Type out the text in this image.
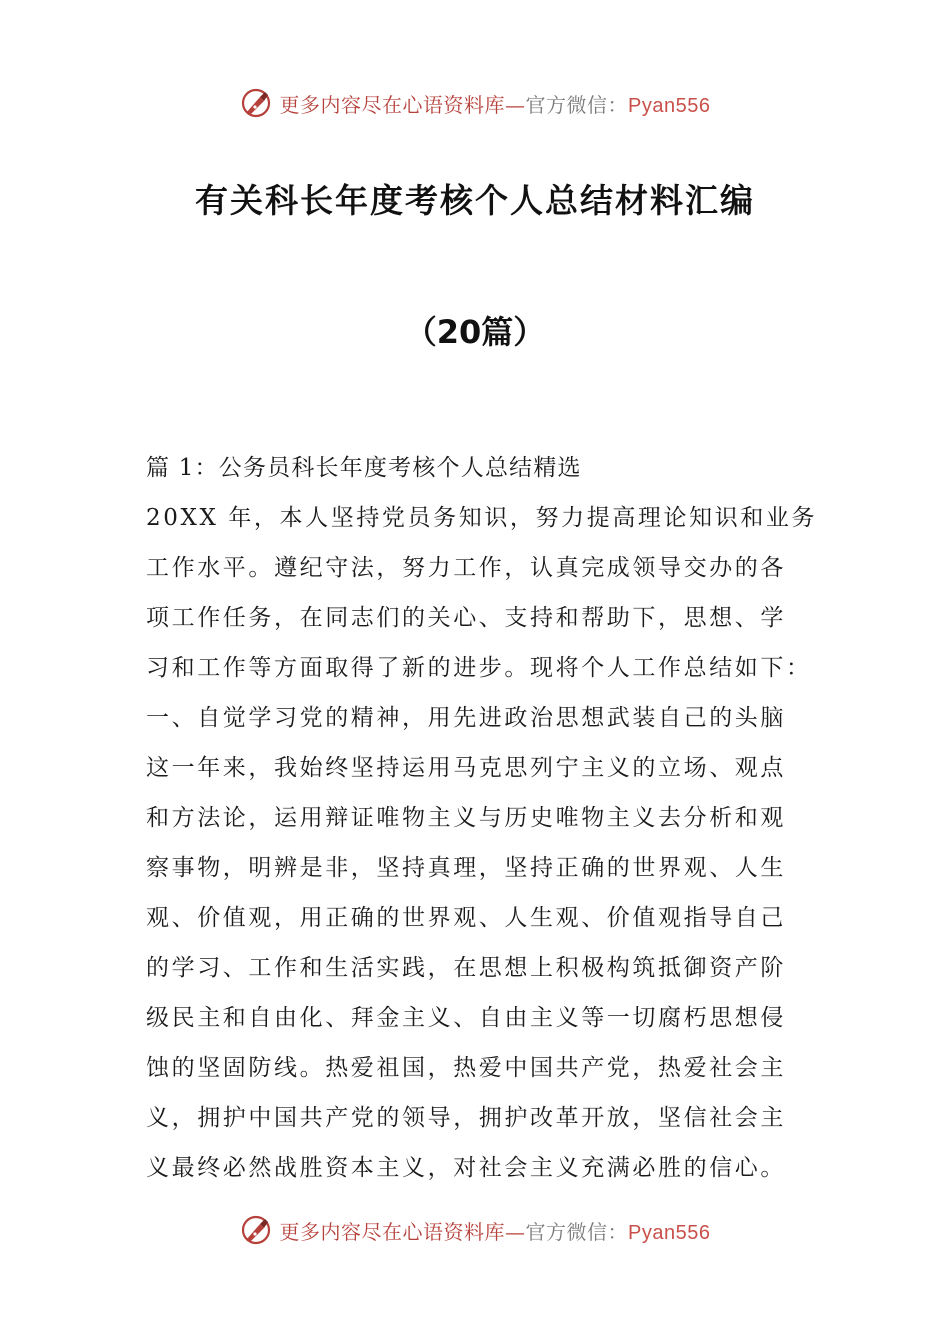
更多内容尽在心语资料库—官方微信：Pyan556
有关科长年度考核个人总结材料汇编
（20篇）

篇 1：公务员科长年度考核个人总结精选

20XX 年，本人坚持党员务知识，努力提高理论知识和业务

工作水平。遵纪守法，努力工作，认真完成领导交办的各

项工作任务，在同志们的关心、支持和帮助下，思想、学

习和工作等方面取得了新的进步。现将个人工作总结如下：

一、自觉学习党的精神，用先进政治思想武装自己的头脑

这一年来，我始终坚持运用马克思列宁主义的立场、观点

和方法论，运用辩证唯物主义与历史唯物主义去分析和观

察事物，明辨是非，坚持真理，坚持正确的世界观、人生

观、价值观，用正确的世界观、人生观、价值观指导自己

的学习、工作和生活实践，在思想上积极构筑抵御资产阶

级民主和自由化、拜金主义、自由主义等一切腐朽思想侵

蚀的坚固防线。热爱祖国，热爱中国共产党，热爱社会主

义，拥护中国共产党的领导，拥护改革开放，坚信社会主

义最终必然战胜资本主义，对社会主义充满必胜的信心。

更多内容尽在心语资料库—官方微信：Pyan556
